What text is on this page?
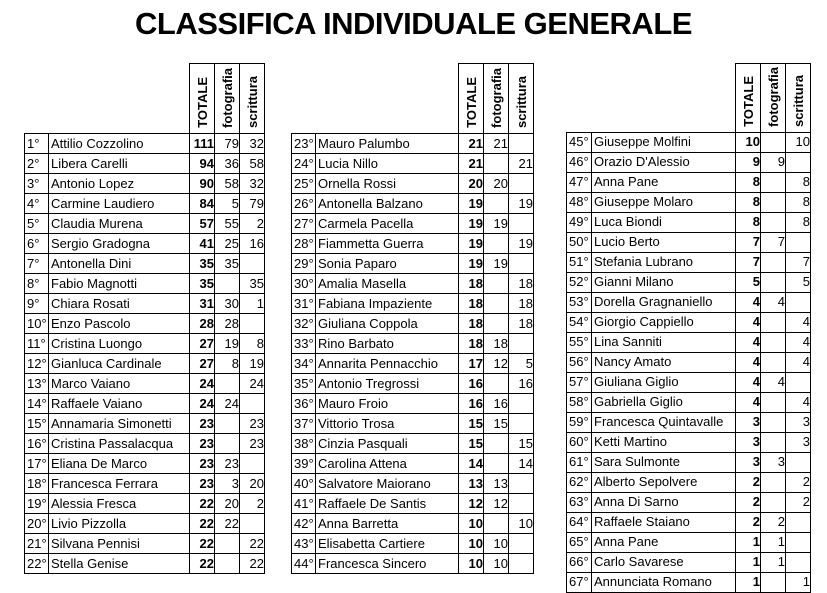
CLASSIFICA INDIVIDUALE GENERALE
		TOTALE	fotografia	scrittura
1°	Attilio Cozzolino	111	79	32
2°	Libera Carelli	94	36	58
3°	Antonio Lopez	90	58	32
4°	Carmine Laudiero	84	5	79
5°	Claudia Murena	57	55	2
6°	Sergio Gradogna	41	25	16
7°	Antonella Dini	35	35	
8°	Fabio Magnotti	35		35
9°	Chiara Rosati	31	30	1
10°	Enzo Pascolo	28	28	
11°	Cristina Luongo	27	19	8
12°	Gianluca Cardinale	27	8	19
13°	Marco Vaiano	24		24
14°	Raffaele Vaiano	24	24	
15°	Annamaria Simonetti	23		23
16°	Cristina Passalacqua	23		23
17°	Eliana De Marco	23	23	
18°	Francesca Ferrara	23	3	20
19°	Alessia Fresca	22	20	2
20°	Livio Pizzolla	22	22	
21°	Silvana Pennisi	22		22
22°	Stella Genise	22		22
		TOTALE	fotografia	scrittura
23°	Mauro Palumbo	21	21	
24°	Lucia Nillo	21		21
25°	Ornella Rossi	20	20	
26°	Antonella Balzano	19		19
27°	Carmela Pacella	19	19	
28°	Fiammetta Guerra	19		19
29°	Sonia Paparo	19	19	
30°	Amalia Masella	18		18
31°	Fabiana Impaziente	18		18
32°	Giuliana Coppola	18		18
33°	Rino Barbato	18	18	
34°	Annarita Pennacchio	17	12	5
35°	Antonio Tregrossi	16		16
36°	Mauro Froio	16	16	
37°	Vittorio Trosa	15	15	
38°	Cinzia Pasquali	15		15
39°	Carolina Attena	14		14
40°	Salvatore Maiorano	13	13	
41°	Raffaele De Santis	12	12	
42°	Anna Barretta	10		10
43°	Elisabetta Cartiere	10	10	
44°	Francesca Sincero	10	10	
		TOTALE	fotografia	scrittura
45°	Giuseppe Molfini	10		10
46°	Orazio D'Alessio	9	9	
47°	Anna Pane	8		8
48°	Giuseppe Molaro	8		8
49°	Luca Biondi	8		8
50°	Lucio Berto	7	7	
51°	Stefania Lubrano	7		7
52°	Gianni Milano	5		5
53°	Dorella Gragnaniello	4	4	
54°	Giorgio Cappiello	4		4
55°	Lina Sanniti	4		4
56°	Nancy Amato	4		4
57°	Giuliana Giglio	4	4	
58°	Gabriella Giglio	4		4
59°	Francesca Quintavalle	3		3
60°	Ketti Martino	3		3
61°	Sara Sulmonte	3	3	
62°	Alberto Sepolvere	2		2
63°	Anna Di Sarno	2		2
64°	Raffaele Staiano	2	2	
65°	Anna Pane	1	1	
66°	Carlo Savarese	1	1	
67°	Annunciata Romano	1		1
